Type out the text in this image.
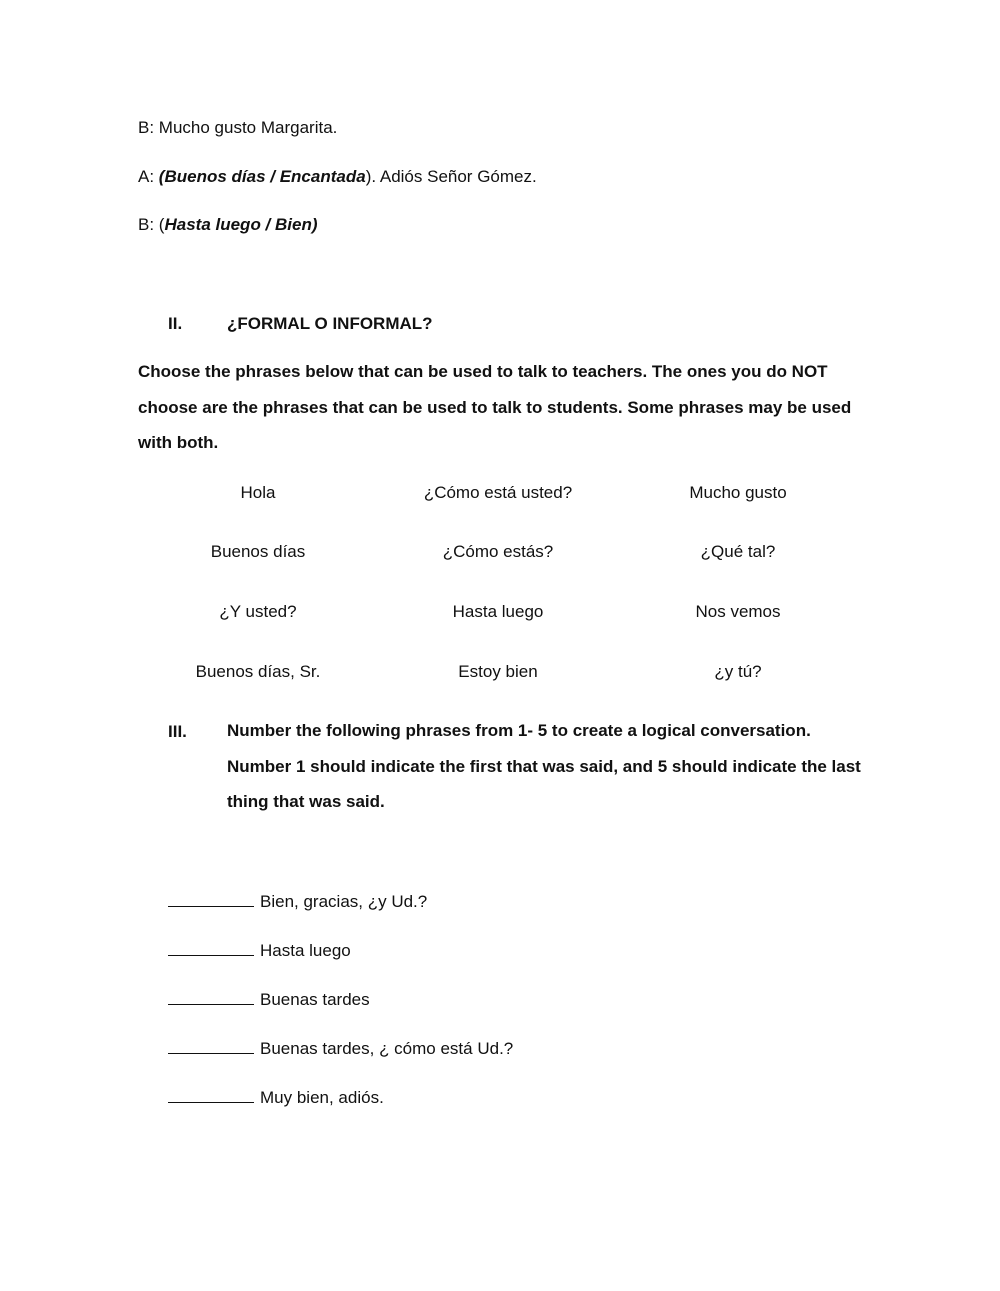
B: Mucho gusto Margarita.
A: (Buenos días / Encantada). Adiós Señor Gómez.
B: (Hasta luego / Bien)
II.	¿FORMAL O INFORMAL?
Choose the phrases below that can be used to talk to teachers. The ones you do NOT choose are the phrases that can be used to talk to students. Some phrases may be used with both.
Hola	¿Cómo está usted?	Mucho gusto
Buenos días	¿Cómo estás?	¿Qué tal?
¿Y usted?	Hasta luego	Nos vemos
Buenos días, Sr.	Estoy bien	¿y tú?
III. Number the following phrases from 1- 5 to create a logical conversation. Number 1 should indicate the first that was said, and 5 should indicate the last thing that was said.
Bien, gracias, ¿y Ud.?
Hasta luego
Buenas tardes
Buenas tardes, ¿ cómo está Ud.?
Muy bien, adiós.
